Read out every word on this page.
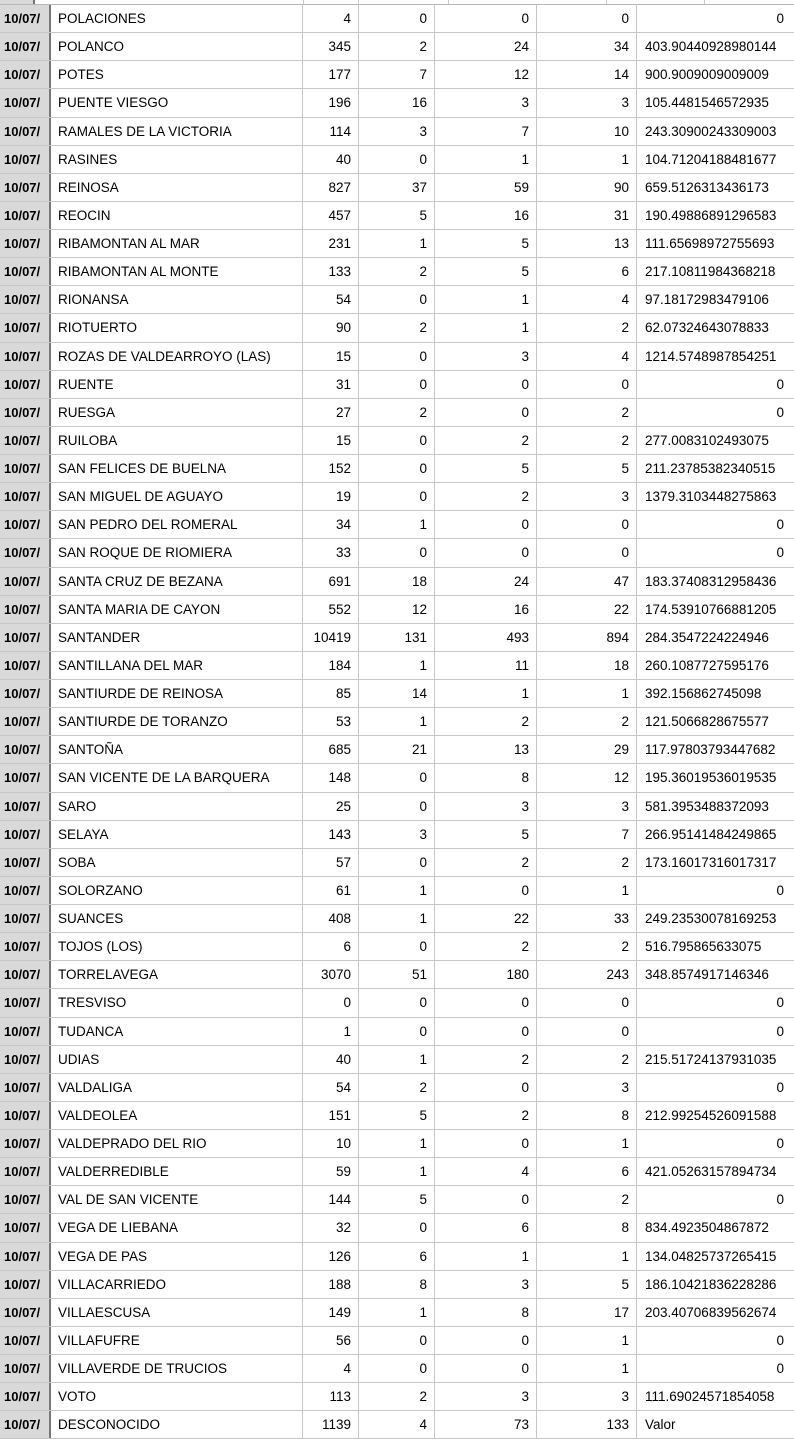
10/07/	POLACIONES	4	0	0	0	0
10/07/	POLANCO	345	2	24	34	403.90440928980144
10/07/	POTES	177	7	12	14	900.9009009009009
10/07/	PUENTE VIESGO	196	16	3	3	105.4481546572935
10/07/	RAMALES DE LA VICTORIA	114	3	7	10	243.30900243309003
10/07/	RASINES	40	0	1	1	104.71204188481677
10/07/	REINOSA	827	37	59	90	659.5126313436173
10/07/	REOCIN	457	5	16	31	190.49886891296583
10/07/	RIBAMONTAN AL MAR	231	1	5	13	111.65698972755693
10/07/	RIBAMONTAN AL MONTE	133	2	5	6	217.10811984368218
10/07/	RIONANSA	54	0	1	4	97.18172983479106
10/07/	RIOTUERTO	90	2	1	2	62.07324643078833
10/07/	ROZAS DE VALDEARROYO (LAS)	15	0	3	4	1214.5748987854251
10/07/	RUENTE	31	0	0	0	0
10/07/	RUESGA	27	2	0	2	0
10/07/	RUILOBA	15	0	2	2	277.0083102493075
10/07/	SAN FELICES DE BUELNA	152	0	5	5	211.23785382340515
10/07/	SAN MIGUEL DE AGUAYO	19	0	2	3	1379.3103448275863
10/07/	SAN PEDRO DEL ROMERAL	34	1	0	0	0
10/07/	SAN ROQUE DE RIOMIERA	33	0	0	0	0
10/07/	SANTA CRUZ DE BEZANA	691	18	24	47	183.37408312958436
10/07/	SANTA MARIA DE CAYON	552	12	16	22	174.53910766881205
10/07/	SANTANDER	10419	131	493	894	284.3547224224946
10/07/	SANTILLANA DEL MAR	184	1	11	18	260.1087727595176
10/07/	SANTIURDE DE REINOSA	85	14	1	1	392.156862745098
10/07/	SANTIURDE DE TORANZO	53	1	2	2	121.5066828675577
10/07/	SANTOÑA	685	21	13	29	117.97803793447682
10/07/	SAN VICENTE DE LA BARQUERA	148	0	8	12	195.36019536019535
10/07/	SARO	25	0	3	3	581.3953488372093
10/07/	SELAYA	143	3	5	7	266.95141484249865
10/07/	SOBA	57	0	2	2	173.16017316017317
10/07/	SOLORZANO	61	1	0	1	0
10/07/	SUANCES	408	1	22	33	249.23530078169253
10/07/	TOJOS (LOS)	6	0	2	2	516.795865633075
10/07/	TORRELAVEGA	3070	51	180	243	348.8574917146346
10/07/	TRESVISO	0	0	0	0	0
10/07/	TUDANCA	1	0	0	0	0
10/07/	UDIAS	40	1	2	2	215.51724137931035
10/07/	VALDALIGA	54	2	0	3	0
10/07/	VALDEOLEA	151	5	2	8	212.99254526091588
10/07/	VALDEPRADO DEL RIO	10	1	0	1	0
10/07/	VALDERREDIBLE	59	1	4	6	421.05263157894734
10/07/	VAL DE SAN VICENTE	144	5	0	2	0
10/07/	VEGA DE LIEBANA	32	0	6	8	834.4923504867872
10/07/	VEGA DE PAS	126	6	1	1	134.04825737265415
10/07/	VILLACARRIEDO	188	8	3	5	186.10421836228286
10/07/	VILLAESCUSA	149	1	8	17	203.40706839562674
10/07/	VILLAFUFRE	56	0	0	1	0
10/07/	VILLAVERDE DE TRUCIOS	4	0	0	1	0
10/07/	VOTO	113	2	3	3	111.69024571854058
10/07/	DESCONOCIDO	1139	4	73	133	Valor
